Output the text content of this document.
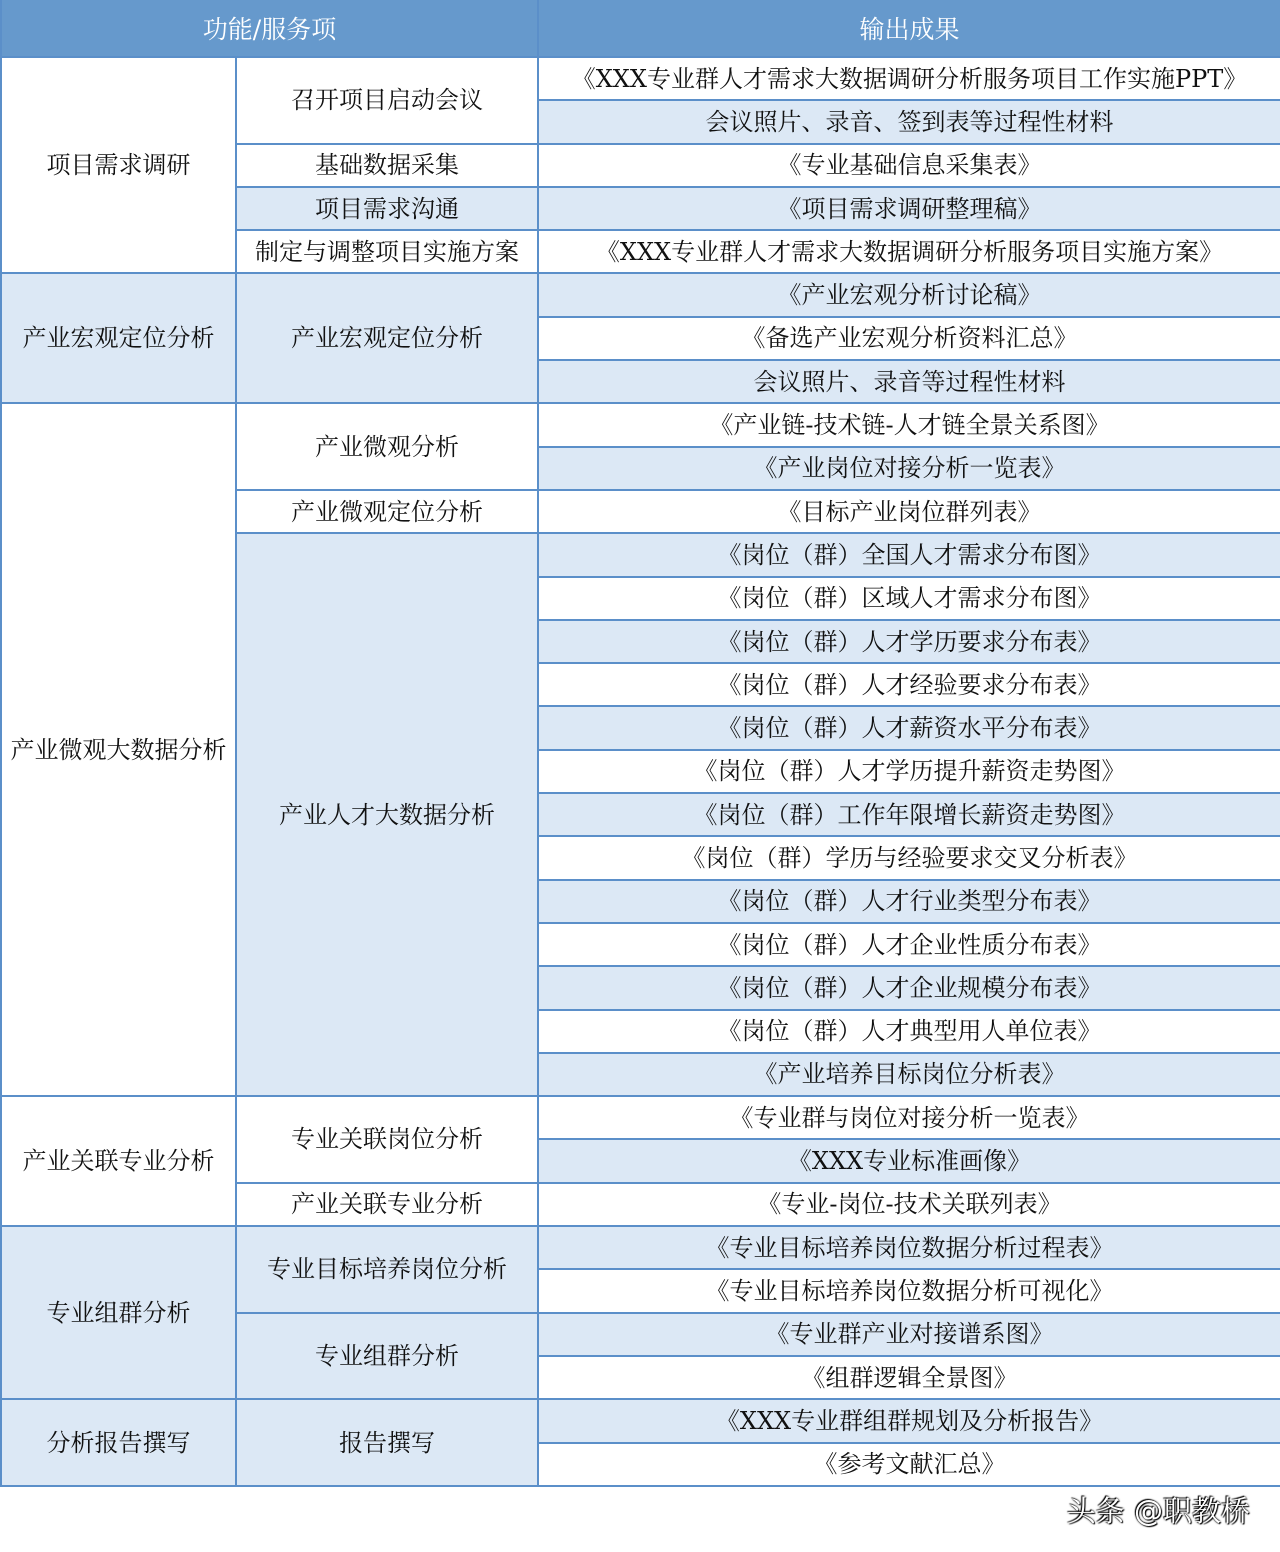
功能/服务项		输出成果
项目需求调研	召开项目启动会议	《XXX专业群人才需求大数据调研分析服务项目工作实施PPT》
		会议照片、录音、签到表等过程性材料
	基础数据采集	《专业基础信息采集表》
	项目需求沟通	《项目需求调研整理稿》
	制定与调整项目实施方案	《XXX专业群人才需求大数据调研分析服务项目实施方案》
产业宏观定位分析	产业宏观定位分析	《产业宏观分析讨论稿》
		《备选产业宏观分析资料汇总》
		会议照片、录音等过程性材料
产业微观大数据分析	产业微观分析	《产业链-技术链-人才链全景关系图》
		《产业岗位对接分析一览表》
	产业微观定位分析	《目标产业岗位群列表》
	产业人才大数据分析	《岗位（群）全国人才需求分布图》
		《岗位（群）区域人才需求分布图》
		《岗位（群）人才学历要求分布表》
		《岗位（群）人才经验要求分布表》
		《岗位（群）人才薪资水平分布表》
		《岗位（群）人才学历提升薪资走势图》
		《岗位（群）工作年限增长薪资走势图》
		《岗位（群）学历与经验要求交叉分析表》
		《岗位（群）人才行业类型分布表》
		《岗位（群）人才企业性质分布表》
		《岗位（群）人才企业规模分布表》
		《岗位（群）人才典型用人单位表》
		《产业培养目标岗位分析表》
产业关联专业分析	专业关联岗位分析	《专业群与岗位对接分析一览表》
		《XXX专业标准画像》
	产业关联专业分析	《专业-岗位-技术关联列表》
专业组群分析	专业目标培养岗位分析	《专业目标培养岗位数据分析过程表》
		《专业目标培养岗位数据分析可视化》
	专业组群分析	《专业群产业对接谱系图》
		《组群逻辑全景图》
分析报告撰写	报告撰写	《XXX专业群组群规划及分析报告》
		《参考文献汇总》
头条 @职教桥
